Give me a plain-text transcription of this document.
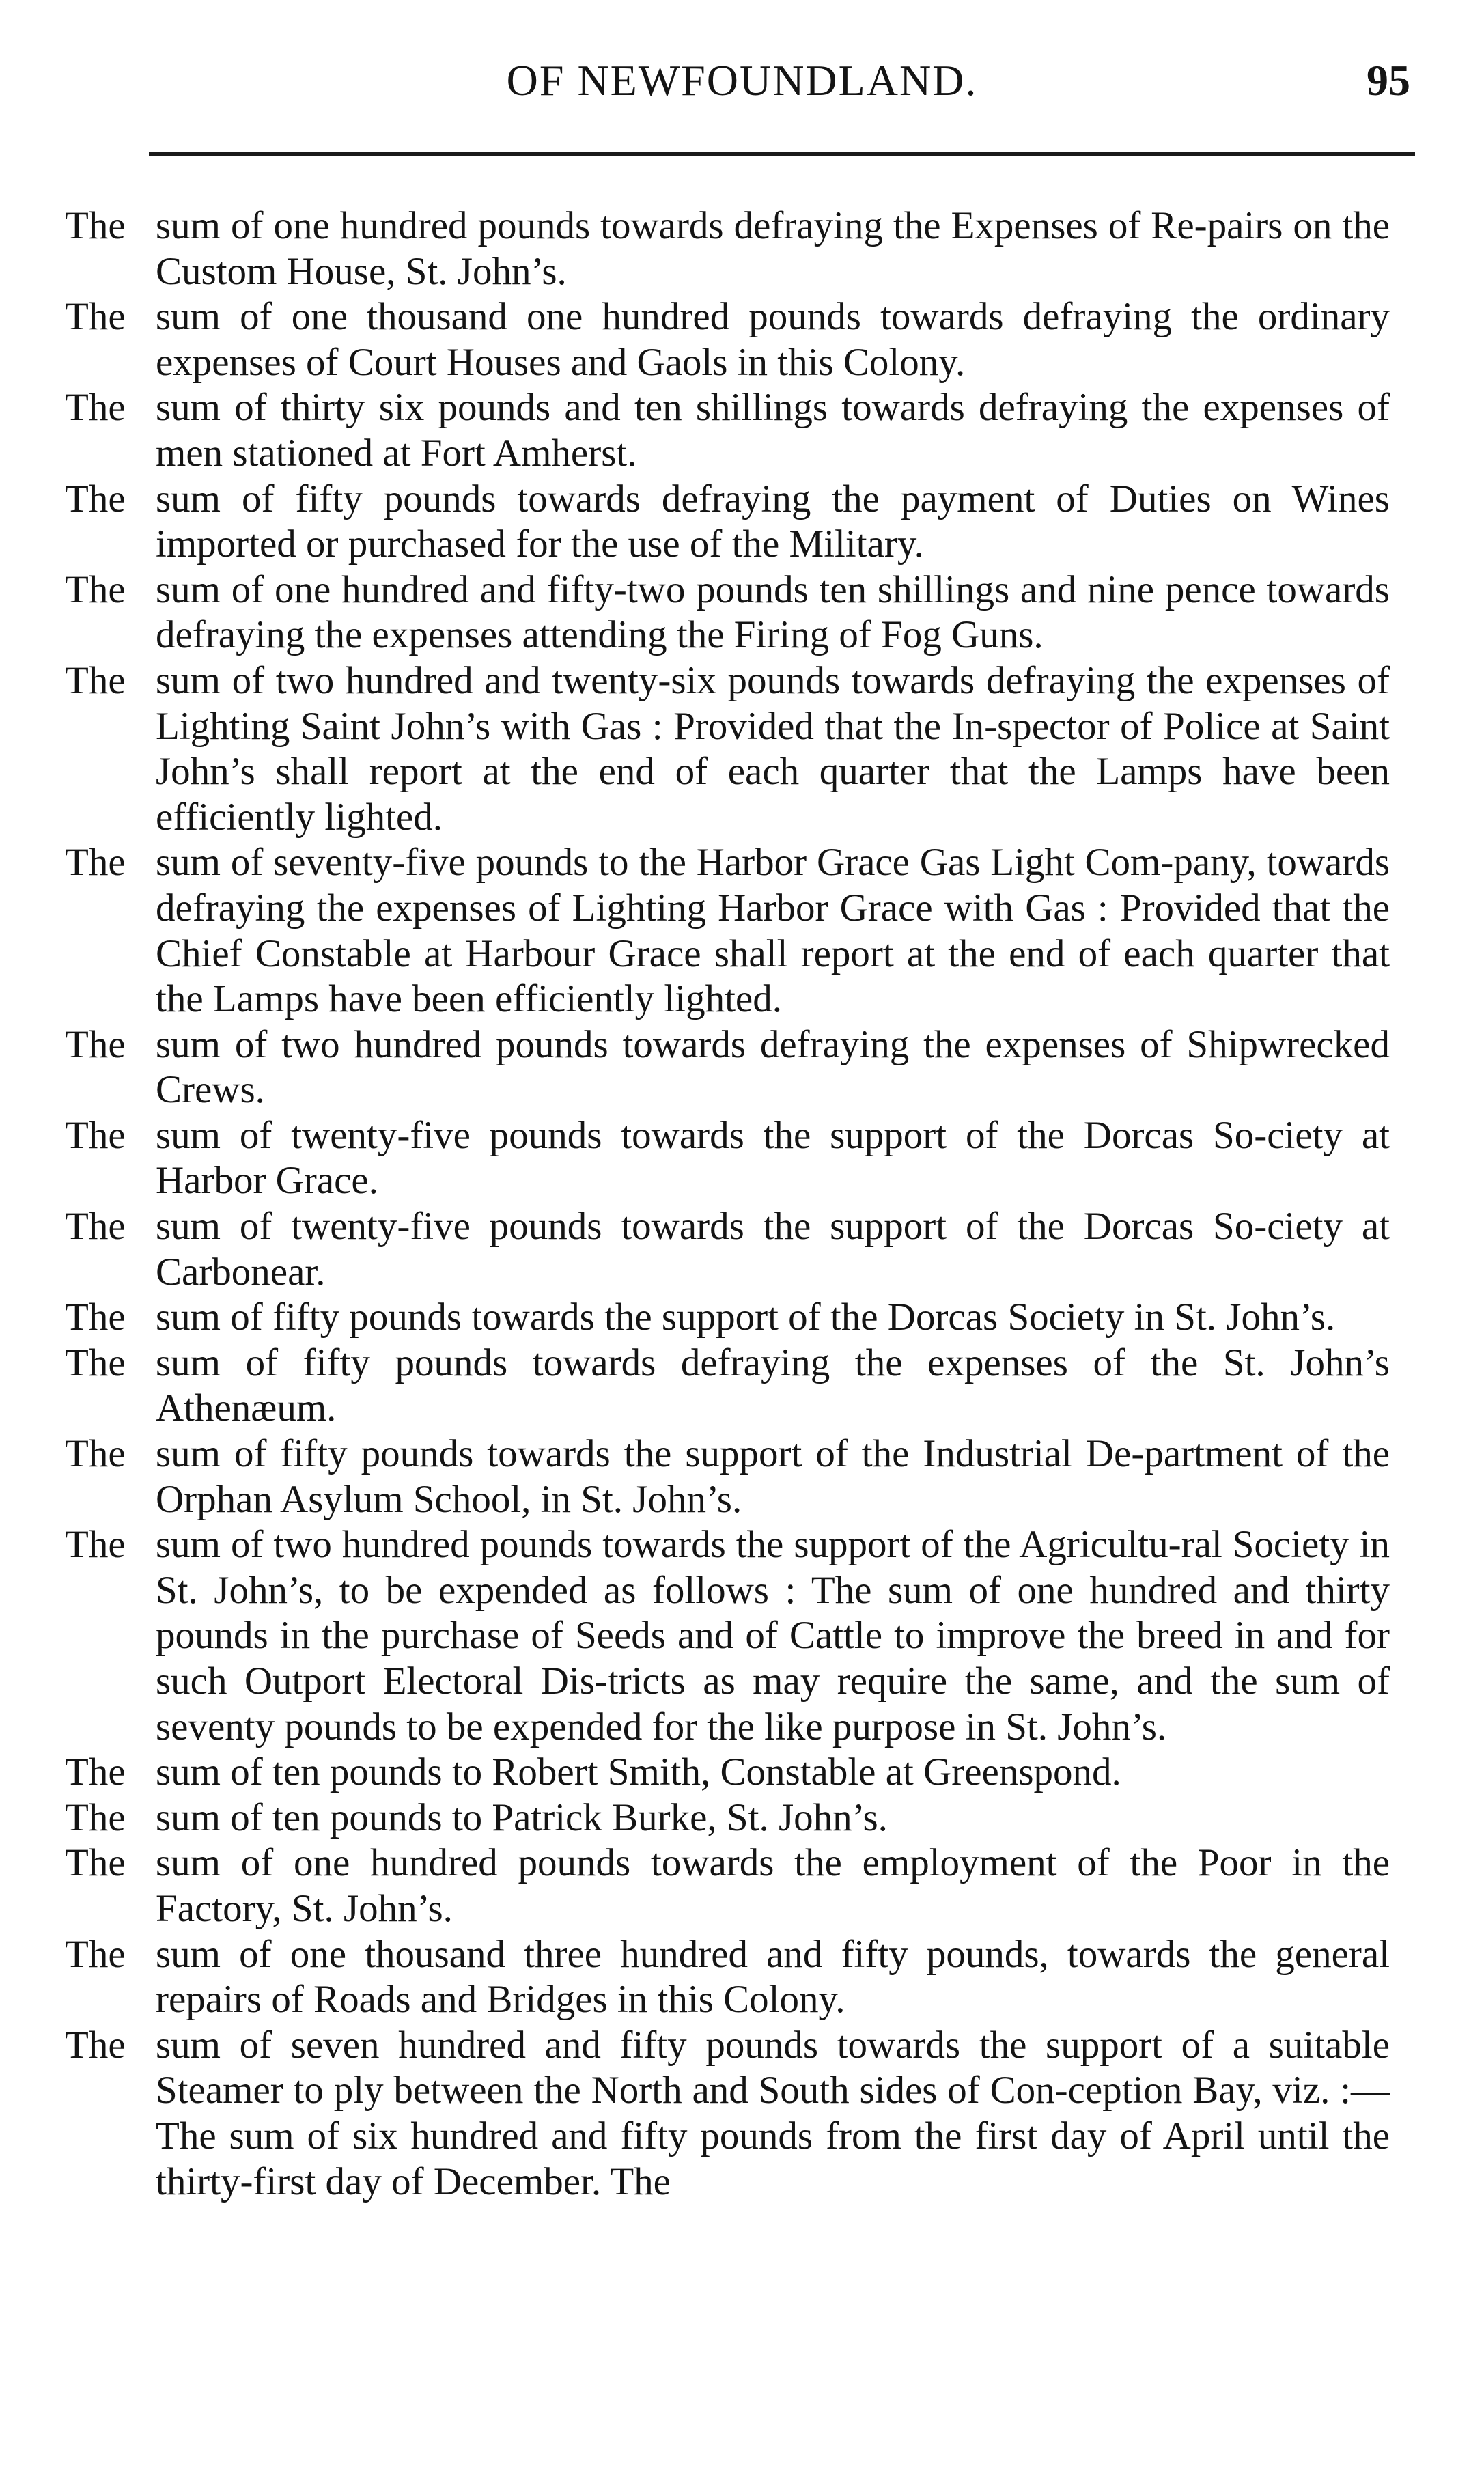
OF NEWFOUNDLAND.	95

The sum of one hundred pounds towards defraying the Expenses of Re-pairs on the Custom House, St. John’s.

The sum of one thousand one hundred pounds towards defraying the ordinary expenses of Court Houses and Gaols in this Colony.

The sum of thirty six pounds and ten shillings towards defraying the expenses of men stationed at Fort Amherst.

The sum of fifty pounds towards defraying the payment of Duties on Wines imported or purchased for the use of the Military.

The sum of one hundred and fifty-two pounds ten shillings and nine pence towards defraying the expenses attending the Firing of Fog Guns.

The sum of two hundred and twenty-six pounds towards defraying the expenses of Lighting Saint John’s with Gas : Provided that the In-spector of Police at Saint John’s shall report at the end of each quarter that the Lamps have been efficiently lighted.

The sum of seventy-five pounds to the Harbor Grace Gas Light Com-pany, towards defraying the expenses of Lighting Harbor Grace with Gas : Provided that the Chief Constable at Harbour Grace shall report at the end of each quarter that the Lamps have been efficiently lighted.

The sum of two hundred pounds towards defraying the expenses of Shipwrecked Crews.

The sum of twenty-five pounds towards the support of the Dorcas So-ciety at Harbor Grace.

The sum of twenty-five pounds towards the support of the Dorcas So-ciety at Carbonear.

The sum of fifty pounds towards the support of the Dorcas Society in St. John’s.

The sum of fifty pounds towards defraying the expenses of the St. John’s Athenæum.

The sum of fifty pounds towards the support of the Industrial De-partment of the Orphan Asylum School, in St. John’s.

The sum of two hundred pounds towards the support of the Agricultu-ral Society in St. John’s, to be expended as follows : The sum of one hundred and thirty pounds in the purchase of Seeds and of Cattle to improve the breed in and for such Outport Electoral Dis-tricts as may require the same, and the sum of seventy pounds to be expended for the like purpose in St. John’s.

The sum of ten pounds to Robert Smith, Constable at Greenspond.

The sum of ten pounds to Patrick Burke, St. John’s.

The sum of one hundred pounds towards the employment of the Poor in the Factory, St. John’s.

The sum of one thousand three hundred and fifty pounds, towards the general repairs of Roads and Bridges in this Colony.

The sum of seven hundred and fifty pounds towards the support of a suitable Steamer to ply between the North and South sides of Con-ception Bay, viz. :—The sum of six hundred and fifty pounds from the first day of April until the thirty-first day of December. The
